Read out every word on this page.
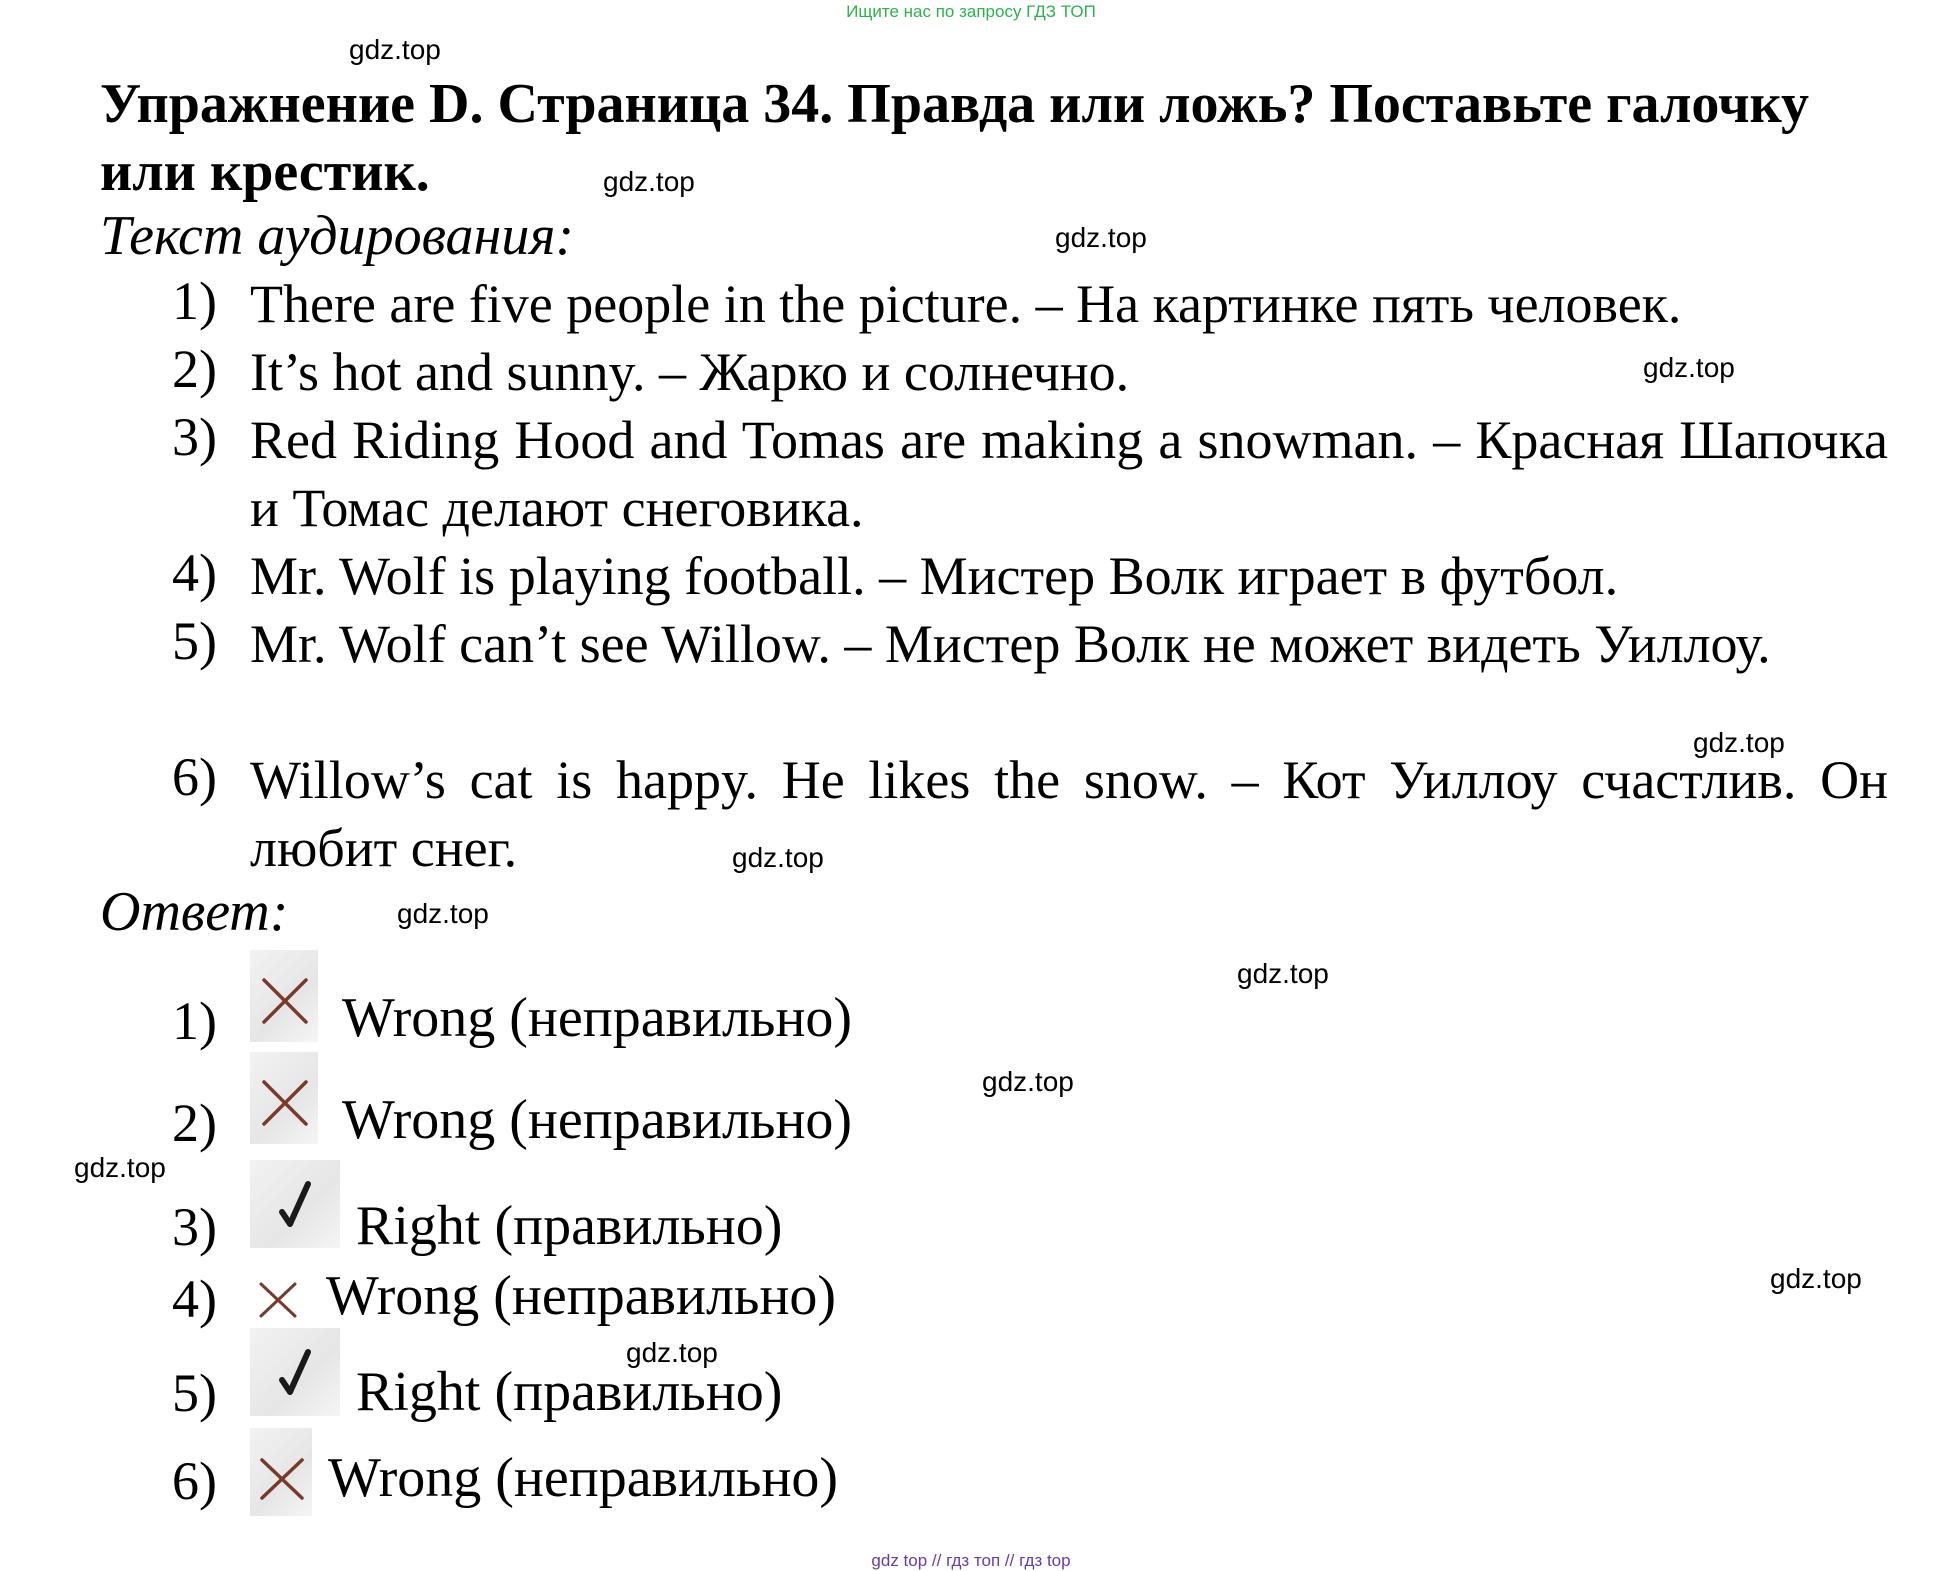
Ищите нас по запросу ГДЗ ТОП
gdz.top
gdz.top
gdz.top
gdz.top
gdz.top
gdz.top
gdz.top
gdz.top
gdz.top
gdz.top
gdz.top
gdz.top
Упражнение D. Страница 34. Правда или ложь? Поставьте галочку
или крестик.
Текст аудирования:
1) There are five people in the picture. – На картинке пять человек.
2) It’s hot and sunny. – Жарко и солнечно.
3) Red Riding Hood and Tomas are making a snowman. – Красная Шапочка и Томас делают снеговика.
4) Mr. Wolf is playing football. – Мистер Волк играет в футбол.
5) Mr. Wolf can’t see Willow. – Мистер Волк не может видеть Уиллоу.
6) Willow’s cat is happy. He likes the snow. – Кот Уиллоу счастлив. Он любит снег.
Ответ:
1) Wrong (неправильно)
2) Wrong (неправильно)
3) Right (правильно)
4) Wrong (неправильно)
5) Right (правильно)
6) Wrong (неправильно)
gdz top // гдз топ // гдз top
